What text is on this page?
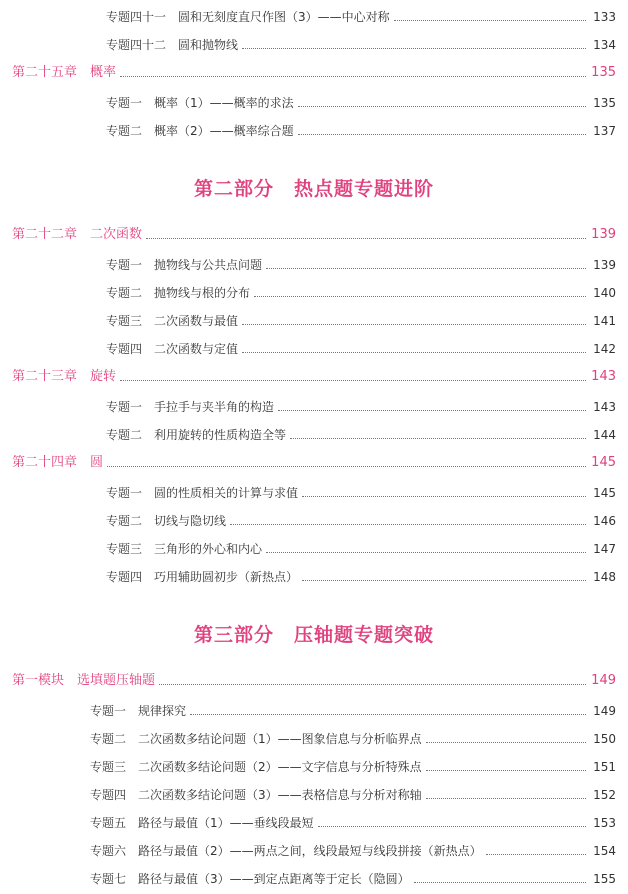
专题四十一　圆和无刻度直尺作图（3）——中心对称	133
专题四十二　圆和抛物线	134
第二十五章　概率	135
专题一　概率（1）——概率的求法	135
专题二　概率（2）——概率综合题	137
第二部分　热点题专题进阶
第二十二章　二次函数	139
专题一　抛物线与公共点问题	139
专题二　抛物线与根的分布	140
专题三　二次函数与最值	141
专题四　二次函数与定值	142
第二十三章　旋转	143
专题一　手拉手与夹半角的构造	143
专题二　利用旋转的性质构造全等	144
第二十四章　圆	145
专题一　圆的性质相关的计算与求值	145
专题二　切线与隐切线	146
专题三　三角形的外心和内心	147
专题四　巧用辅助圆初步（新热点）	148
第三部分　压轴题专题突破
第一模块　选填题压轴题	149
专题一　规律探究	149
专题二　二次函数多结论问题（1）——图象信息与分析临界点	150
专题三　二次函数多结论问题（2）——文字信息与分析特殊点	151
专题四　二次函数多结论问题（3）——表格信息与分析对称轴	152
专题五　路径与最值（1）——垂线段最短	153
专题六　路径与最值（2）——两点之间，线段最短与线段拼接（新热点）	154
专题七　路径与最值（3）——到定点距离等于定长（隐圆）	155
